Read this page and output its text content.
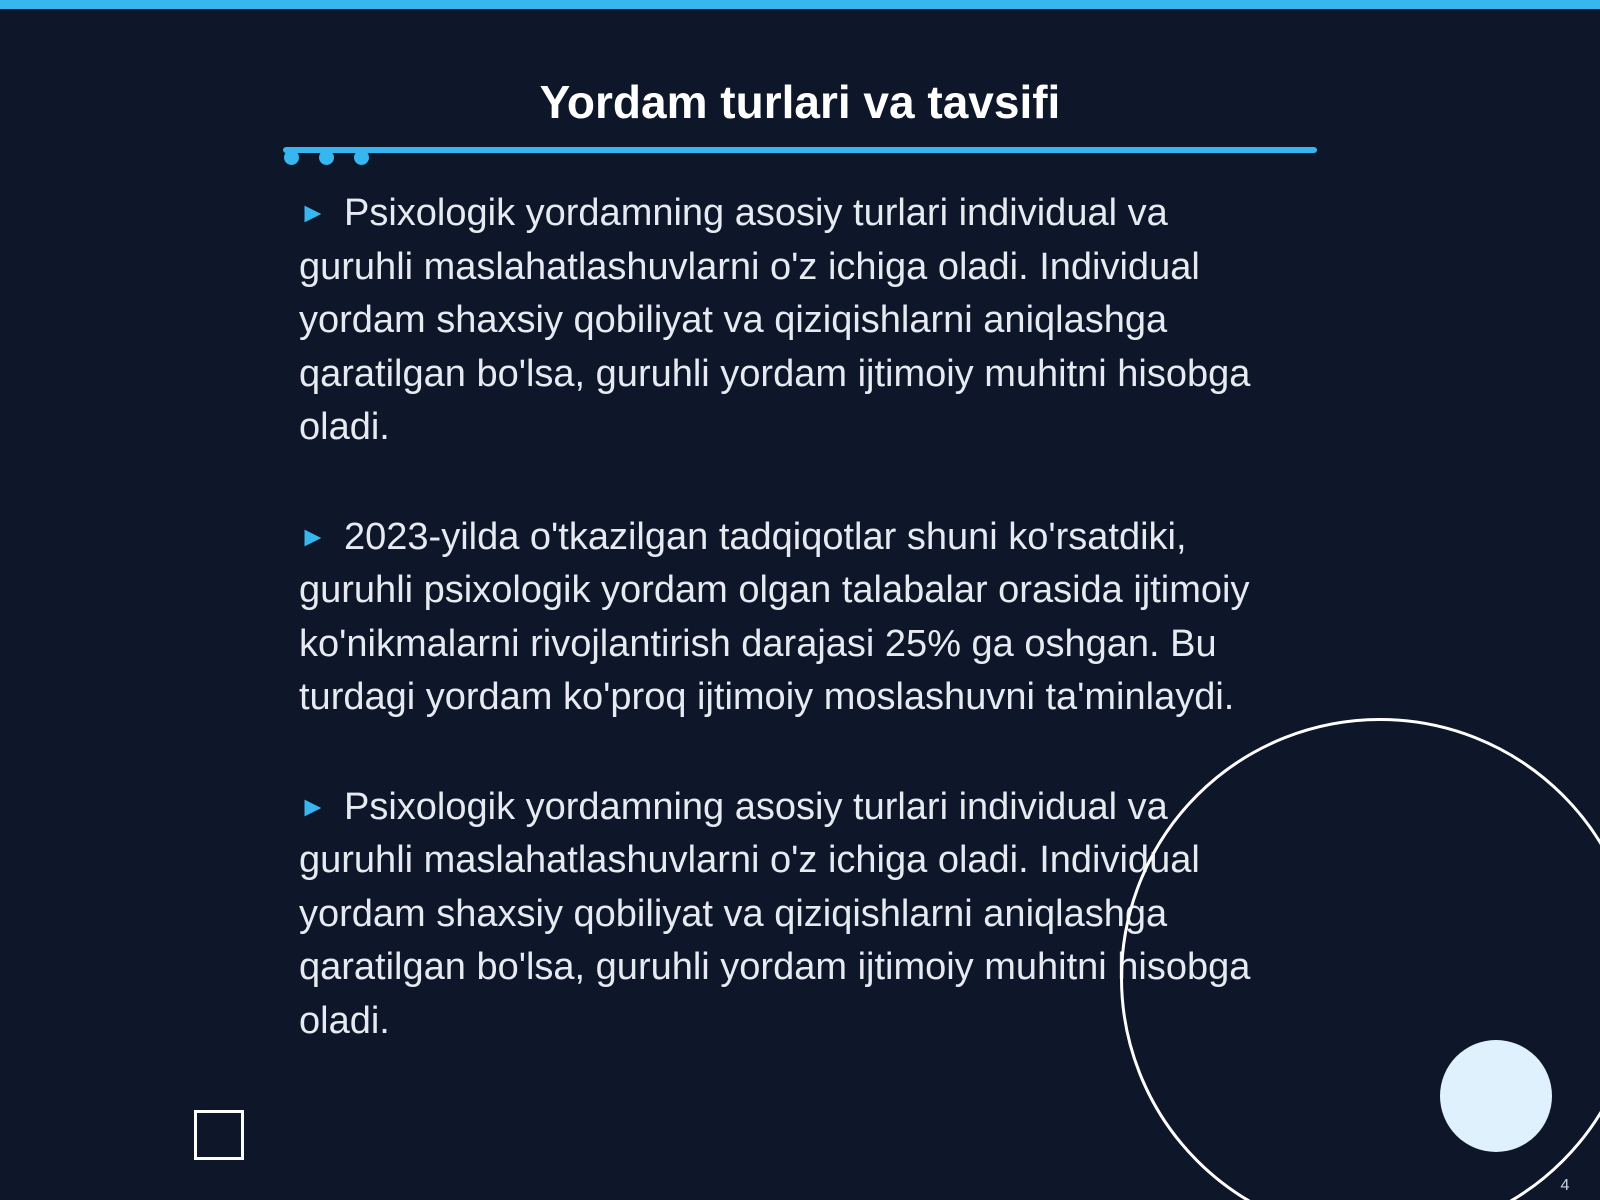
Yordam turlari va tavsifi

► Psixologik yordamning asosiy turlari individual va guruhli maslahatlashuvlarni o'z ichiga oladi. Individual yordam shaxsiy qobiliyat va qiziqishlarni aniqlashga qaratilgan bo'lsa, guruhli yordam ijtimoiy muhitni hisobga oladi.

► 2023-yilda o'tkazilgan tadqiqotlar shuni ko'rsatdiki, guruhli psixologik yordam olgan talabalar orasida ijtimoiy ko'nikmalarni rivojlantirish darajasi 25% ga oshgan. Bu turdagi yordam ko'proq ijtimoiy moslashuvni ta'minlaydi.

► Psixologik yordamning asosiy turlari individual va guruhli maslahatlashuvlarni o'z ichiga oladi. Individual yordam shaxsiy qobiliyat va qiziqishlarni aniqlashga qaratilgan bo'lsa, guruhli yordam ijtimoiy muhitni hisobga oladi.

4
